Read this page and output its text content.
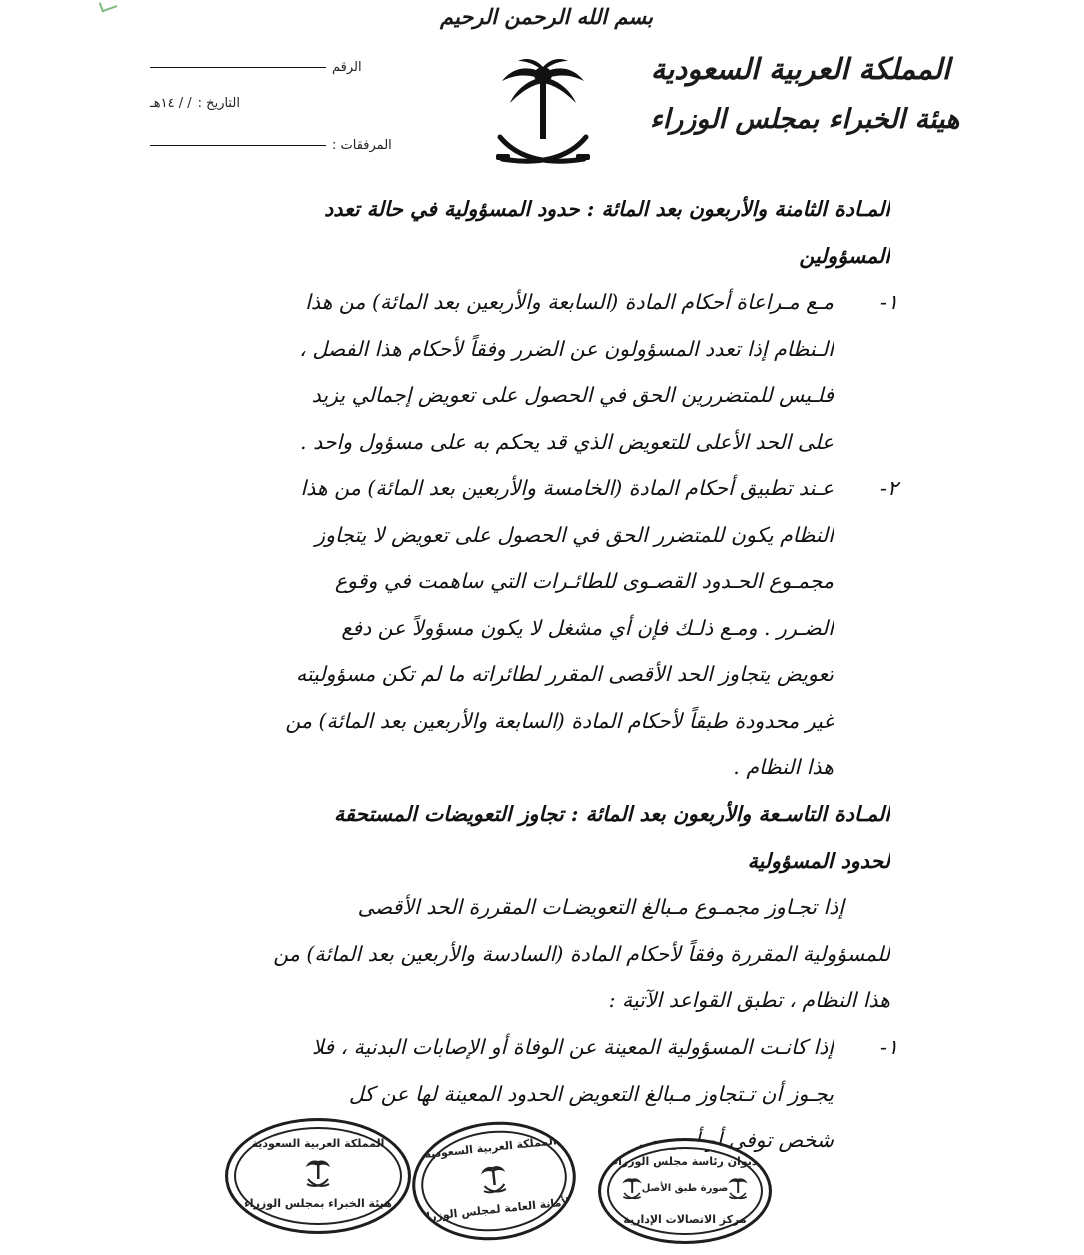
بسم الله الرحمن الرحيم
المملكة العربية السعودية
هيئة الخبراء بمجلس الوزراء
الرقم
التاريخ :
/ / ١٤هـ
المرفقات :
المـادة الثامنة والأربعون بعد المائة : حدود المسؤولية في حالة تعدد
المسؤولين
١-
مـع مـراعاة أحكام المادة (السابعة والأربعين بعد المائة) من هذا
الـنظام إذا تعدد المسؤولون عن الضرر وفقاً لأحكام هذا الفصل ،
فلـيس للمتضررين الحق في الحصول على تعويض إجمالي يزيد
على الحد الأعلى للتعويض الذي قد يحكم به على مسؤول واحد .
٢-
عـند تطبيق أحكام المادة (الخامسة والأربعين بعد المائة) من هذا
النظام يكون للمتضرر الحق في الحصول على تعويض لا يتجاوز
مجمـوع الحـدود القصـوى للطائـرات التي ساهمت في وقوع
الضـرر . ومـع ذلـك فإن أي مشغل لا يكون مسؤولاً عن دفع
تعويض يتجاوز الحد الأقصى المقرر لطائراته ما لم تكن مسؤوليته
غير محدودة طبقاً لأحكام المادة (السابعة والأربعين بعد المائة) من
هذا النظام .
المـادة التاسـعة والأربعون بعد المائة : تجاوز التعويضات المستحقة
لحدود المسؤولية
إذا تجـاوز مجمـوع مـبالغ التعويضـات المقررة الحد الأقصى
للمسؤولية المقررة وفقاً لأحكام المادة (السادسة والأربعين بعد المائة) من
هذا النظام ، تطبق القواعد الآتية :
١-
إذا كانـت المسؤولية المعينة عن الوفاة أو الإصابات البدنية ، فلا
يجـوز أن تـتجاوز مـبالغ التعويض الحدود المعينة لها عن كل
شخص توفي أو أصيب .
المملكة العربية السعودية
هيئة الخبراء بمجلس الوزراء
المملكة العربية السعودية
الأمانة العامة لمجلس الوزراء
ديوان رئاسة مجلس الوزراء
صورة طبق الأصل
مركز الاتصالات الإدارية
